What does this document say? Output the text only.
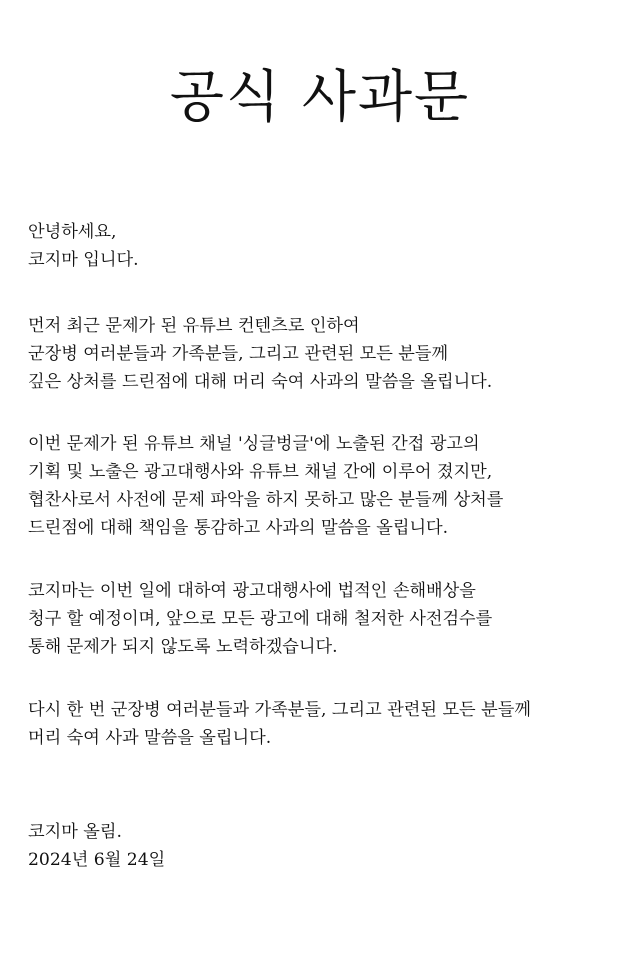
공식 사과문

안녕하세요,
코지마 입니다.

먼저 최근 문제가 된 유튜브 컨텐츠로 인하여
군장병 여러분들과 가족분들, 그리고 관련된 모든 분들께
깊은 상처를 드린점에 대해 머리 숙여 사과의 말씀을 올립니다.

이번 문제가 된 유튜브 채널 '싱글벙글'에 노출된 간접 광고의
기획 및 노출은 광고대행사와 유튜브 채널 간에 이루어 졌지만,
협찬사로서 사전에 문제 파악을 하지 못하고 많은 분들께 상처를
드린점에 대해 책임을 통감하고 사과의 말씀을 올립니다.

코지마는 이번 일에 대하여 광고대행사에 법적인 손해배상을
청구 할 예정이며, 앞으로 모든 광고에 대해 철저한 사전검수를
통해 문제가 되지 않도록 노력하겠습니다.

다시 한 번 군장병 여러분들과 가족분들, 그리고 관련된 모든 분들께
머리 숙여 사과 말씀을 올립니다.

코지마 올림.
2024년 6월 24일
